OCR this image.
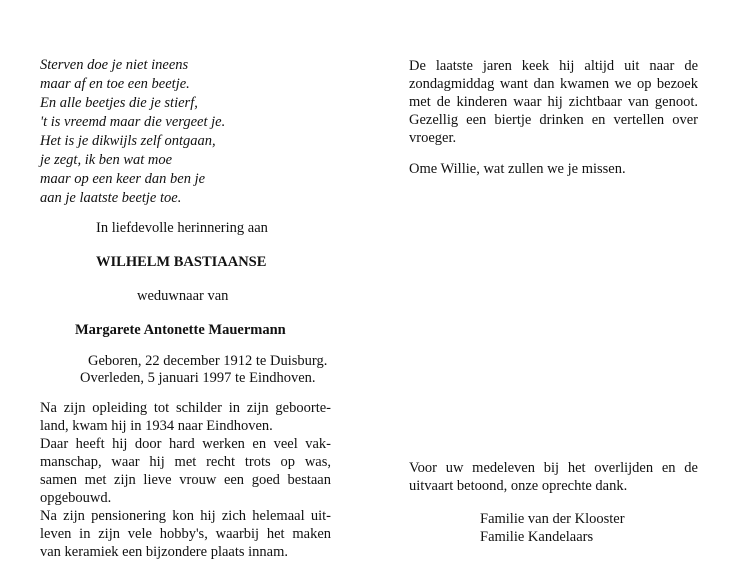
Sterven doe je niet ineens
maar af en toe een beetje.
En alle beetjes die je stierf,
't is vreemd maar die vergeet je.
Het is je dikwijls zelf ontgaan,
je zegt, ik ben wat moe
maar op een keer dan ben je
aan je laatste beetje toe.
In liefdevolle herinnering aan
WILHELM BASTIAANSE
weduwnaar van
Margarete Antonette Mauermann
Geboren, 22 december 1912 te Duisburg.
Overleden, 5 januari 1997 te Eindhoven.
Na zijn opleiding tot schilder in zijn geboorte-
land, kwam hij in 1934 naar Eindhoven.
Daar heeft hij door hard werken en veel vak-
manschap, waar hij met recht trots op was,
samen met zijn lieve vrouw een goed bestaan
opgebouwd.
Na zijn pensionering kon hij zich helemaal uit-
leven in zijn vele hobby's, waarbij het maken
van keramiek een bijzondere plaats innam.
De laatste jaren keek hij altijd uit naar de
zondagmiddag want dan kwamen we op bezoek
met de kinderen waar hij zichtbaar van genoot.
Gezellig een biertje drinken en vertellen over
vroeger.
Ome Willie, wat zullen we je missen.
Voor uw medeleven bij het overlijden en de
uitvaart betoond, onze oprechte dank.
Familie van der Klooster
Familie Kandelaars
